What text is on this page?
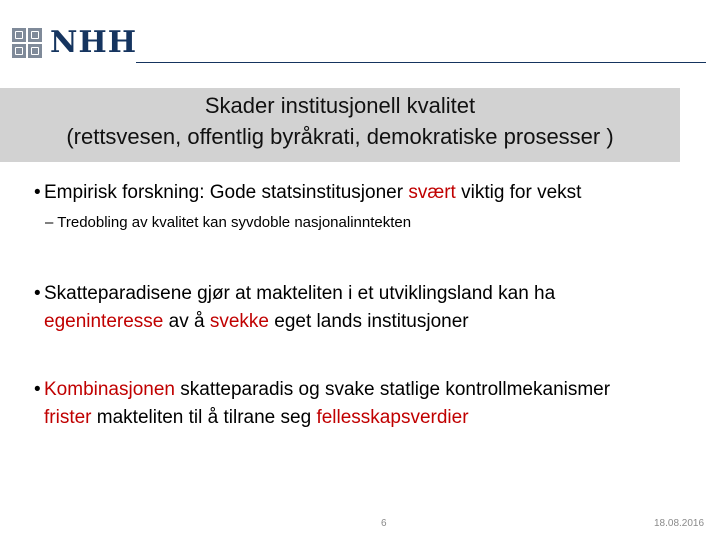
NHH
Skader institusjonell kvalitet
(rettsvesen, offentlig byråkrati, demokratiske prosesser )
• Empirisk forskning: Gode statsinstitusjoner svært viktig for vekst
– Tredobling av kvalitet kan syvdoble nasjonalinntekten
• Skatteparadisene gjør at makteliten i et utviklingsland kan ha
egeninteresse av å svekke eget lands institusjoner
• Kombinasjonen skatteparadis og svake statlige kontrollmekanismer
frister makteliten til å tilrane seg fellesskapsverdier
6	18.08.2016
